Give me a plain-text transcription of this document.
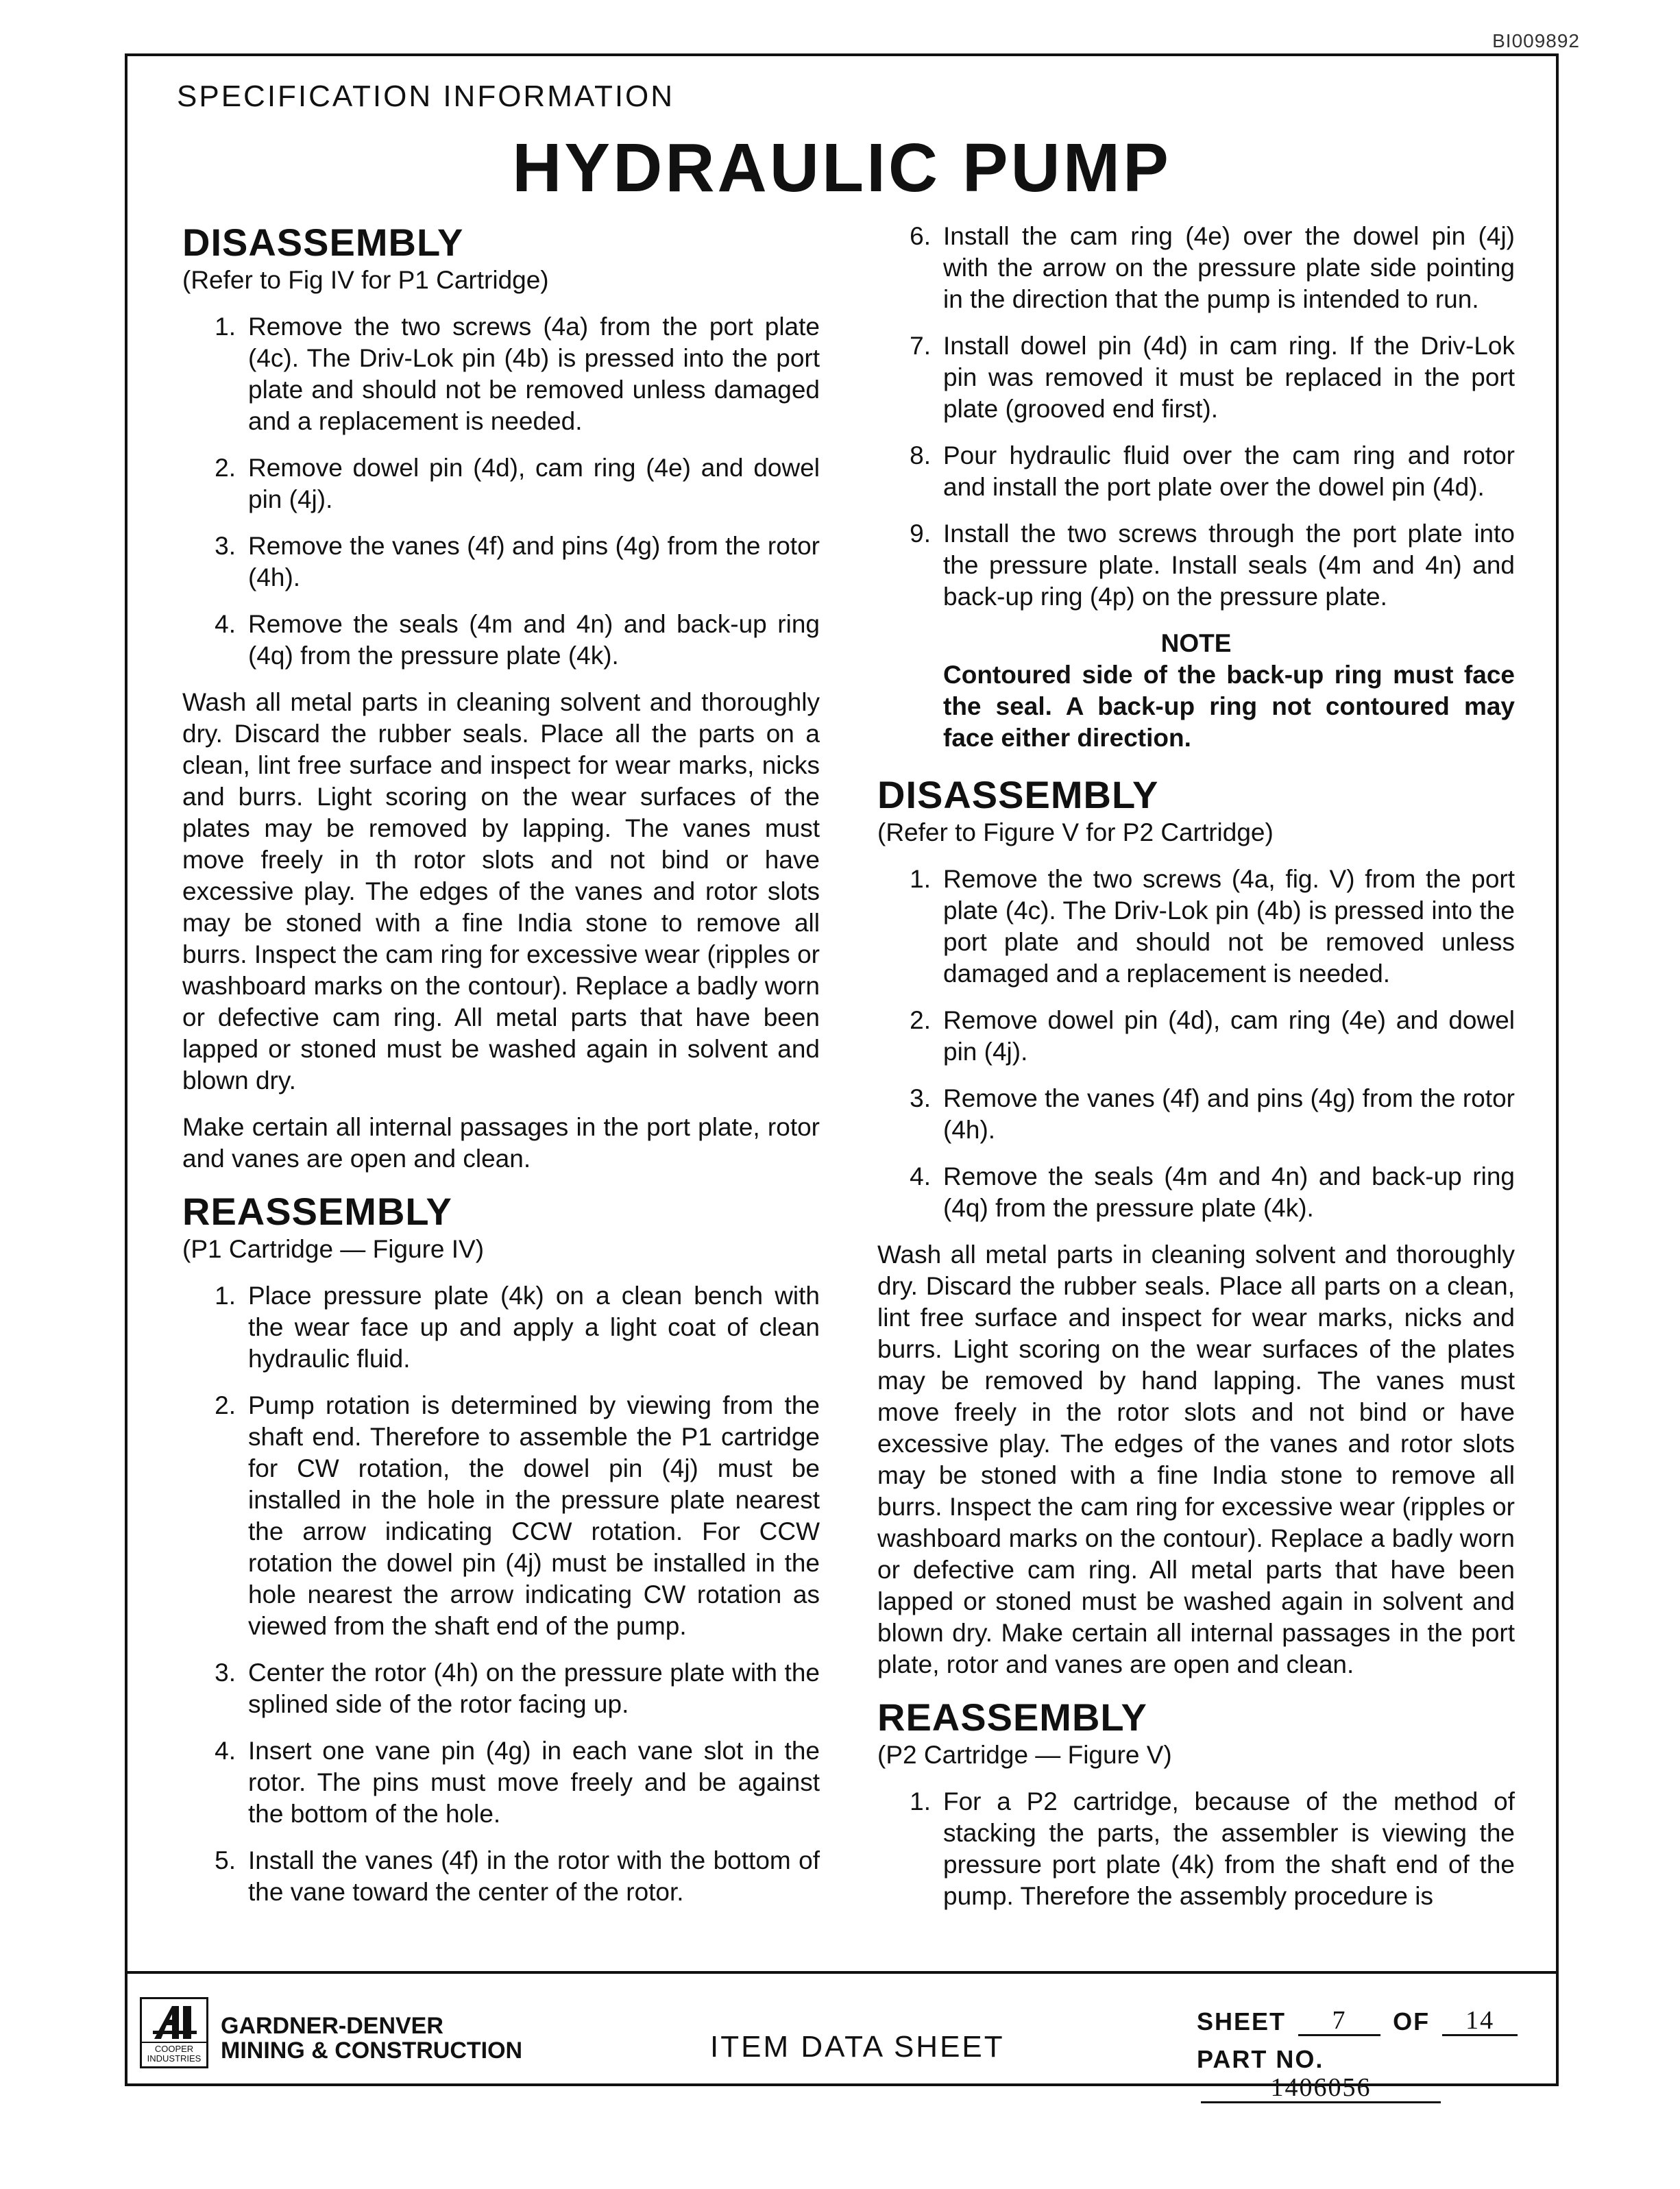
BI009892
SPECIFICATION INFORMATION
HYDRAULIC PUMP
DISASSEMBLY

(Refer to Fig IV for P1 Cartridge)

1. Remove the two screws (4a) from the port plate (4c). The Driv-Lok pin (4b) is pressed into the port plate and should not be removed unless damaged and a replacement is needed.
2. Remove dowel pin (4d), cam ring (4e) and dowel pin (4j).
3. Remove the vanes (4f) and pins (4g) from the rotor (4h).
4. Remove the seals (4m and 4n) and back-up ring (4q) from the pressure plate (4k).

Wash all metal parts in cleaning solvent and thoroughly dry. Discard the rubber seals. Place all the parts on a clean, lint free surface and inspect for wear marks, nicks and burrs. Light scoring on the wear surfaces of the plates may be removed by lapping. The vanes must move freely in th rotor slots and not bind or have excessive play. The edges of the vanes and rotor slots may be stoned with a fine India stone to remove all burrs. Inspect the cam ring for excessive wear (ripples or washboard marks on the contour). Replace a badly worn or defective cam ring. All metal parts that have been lapped or stoned must be washed again in solvent and blown dry.

Make certain all internal passages in the port plate, rotor and vanes are open and clean.

REASSEMBLY

(P1 Cartridge — Figure IV)

1. Place pressure plate (4k) on a clean bench with the wear face up and apply a light coat of clean hydraulic fluid.
2. Pump rotation is determined by viewing from the shaft end. Therefore to assemble the P1 cartridge for CW rotation, the dowel pin (4j) must be installed in the hole in the pressure plate nearest the arrow indicating CCW rotation. For CCW rotation the dowel pin (4j) must be installed in the hole nearest the arrow indicating CW rotation as viewed from the shaft end of the pump.
3. Center the rotor (4h) on the pressure plate with the splined side of the rotor facing up.
4. Insert one vane pin (4g) in each vane slot in the rotor. The pins must move freely and be against the bottom of the hole.
5. Install the vanes (4f) in the rotor with the bottom of the vane toward the center of the rotor.
6. Install the cam ring (4e) over the dowel pin (4j) with the arrow on the pressure plate side pointing in the direction that the pump is intended to run.
7. Install dowel pin (4d) in cam ring. If the Driv-Lok pin was removed it must be replaced in the port plate (grooved end first).
8. Pour hydraulic fluid over the cam ring and rotor and install the port plate over the dowel pin (4d).
9. Install the two screws through the port plate into the pressure plate. Install seals (4m and 4n) and back-up ring (4p) on the pressure plate.

NOTE

Contoured side of the back-up ring must face the seal. A back-up ring not contoured may face either direction.

DISASSEMBLY

(Refer to Figure V for P2 Cartridge)

1. Remove the two screws (4a, fig. V) from the port plate (4c). The Driv-Lok pin (4b) is pressed into the port plate and should not be removed unless damaged and a replacement is needed.
2. Remove dowel pin (4d), cam ring (4e) and dowel pin (4j).
3. Remove the vanes (4f) and pins (4g) from the rotor (4h).
4. Remove the seals (4m and 4n) and back-up ring (4q) from the pressure plate (4k).

Wash all metal parts in cleaning solvent and thoroughly dry. Discard the rubber seals. Place all parts on a clean, lint free surface and inspect for wear marks, nicks and burrs. Light scoring on the wear surfaces of the plates may be removed by hand lapping. The vanes must move freely in the rotor slots and not bind or have excessive play. The edges of the vanes and rotor slots may be stoned with a fine India stone to remove all burrs. Inspect the cam ring for excessive wear (ripples or washboard marks on the contour). Replace a badly worn or defective cam ring. All metal parts that have been lapped or stoned must be washed again in solvent and blown dry. Make certain all internal passages in the port plate, rotor and vanes are open and clean.

REASSEMBLY

(P2 Cartridge — Figure V)

1. For a P2 cartridge, because of the method of stacking the parts, the assembler is viewing the pressure port plate (4k) from the shaft end of the pump. Therefore the assembly procedure is
COOPER INDUSTRIES
GARDNER-DENVER
MINING & CONSTRUCTION	ITEM DATA SHEET
SHEET 7 OF 14
PART NO. 1406056
